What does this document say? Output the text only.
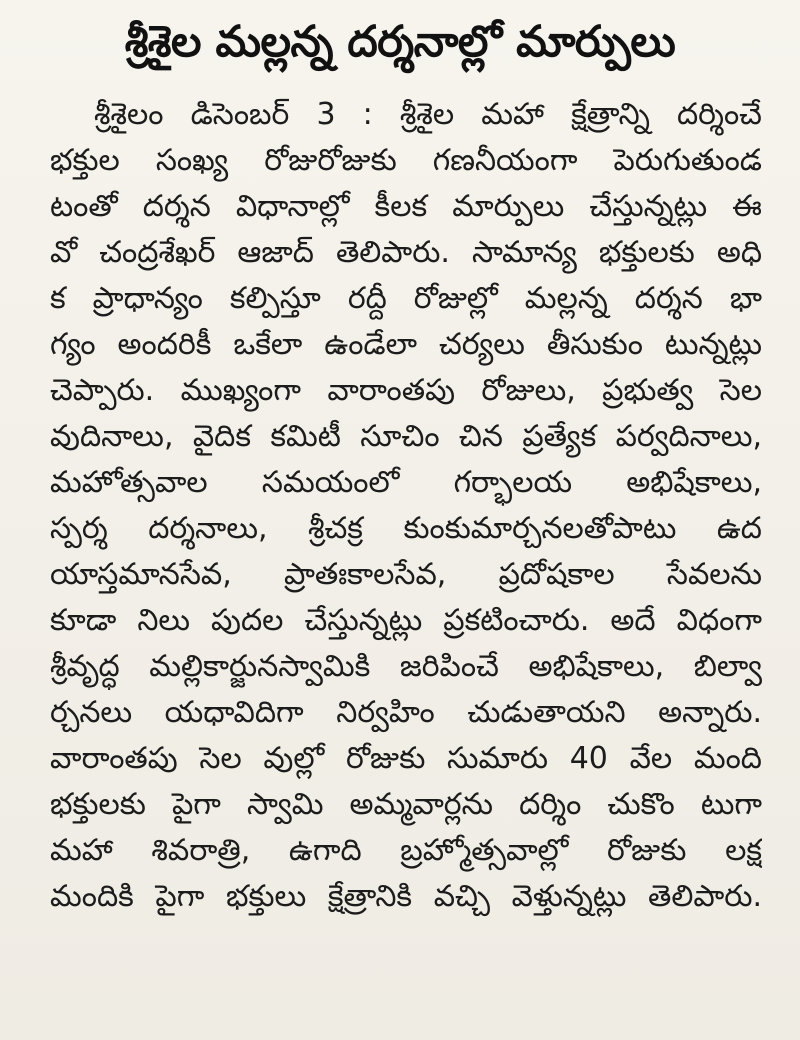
శ్రీశైల మల్లన్న దర్శనాల్లో మార్పులు
శ్రీశైలం డిసెంబర్ 3 : శ్రీశైల మహా క్షేత్రాన్ని దర్శించే
భక్తుల సంఖ్య రోజురోజుకు గణనీయంగా పెరుగుతుండ
టంతో దర్శన విధానాల్లో కీలక మార్పులు చేస్తున్నట్లు ఈ
వో చంద్రశేఖర్ ఆజాద్ తెలిపారు. సామాన్య భక్తులకు అధి
క ప్రాధాన్యం కల్పిస్తూ రద్దీ రోజుల్లో మల్లన్న దర్శన భా
గ్యం అందరికీ ఒకేలా ఉండేలా చర్యలు తీసుకుం టున్నట్లు
చెప్పారు. ముఖ్యంగా వారాంతపు రోజులు, ప్రభుత్వ సెల
వుదినాలు, వైదిక కమిటీ సూచిం చిన ప్రత్యేక పర్వదినాలు,
మహోత్సవాల సమయంలో గర్భాలయ అభిషేకాలు,
స్పర్శ దర్శనాలు, శ్రీచక్ర కుంకుమార్చనలతోపాటు ఉద
యాస్తమానసేవ, ప్రాతఃకాలసేవ, ప్రదోషకాల సేవలను
కూడా నిలు పుదల చేస్తున్నట్లు ప్రకటించారు. అదే విధంగా
శ్రీవృద్ధ మల్లికార్జునస్వామికి జరిపించే అభిషేకాలు, బిల్వా
ర్చనలు యధావిదిగా నిర్వహిం చుడుతాయని అన్నారు.
వారాంతపు సెల వుల్లో రోజుకు సుమారు 40 వేల మంది
భక్తులకు పైగా స్వామి అమ్మవార్లను దర్శిం చుకొం టుగా
మహా శివరాత్రి, ఉగాది బ్రహ్మోత్సవాల్లో రోజుకు లక్ష
మందికి పైగా భక్తులు క్షేత్రానికి వచ్చి వెళ్తున్నట్లు తెలిపారు.
